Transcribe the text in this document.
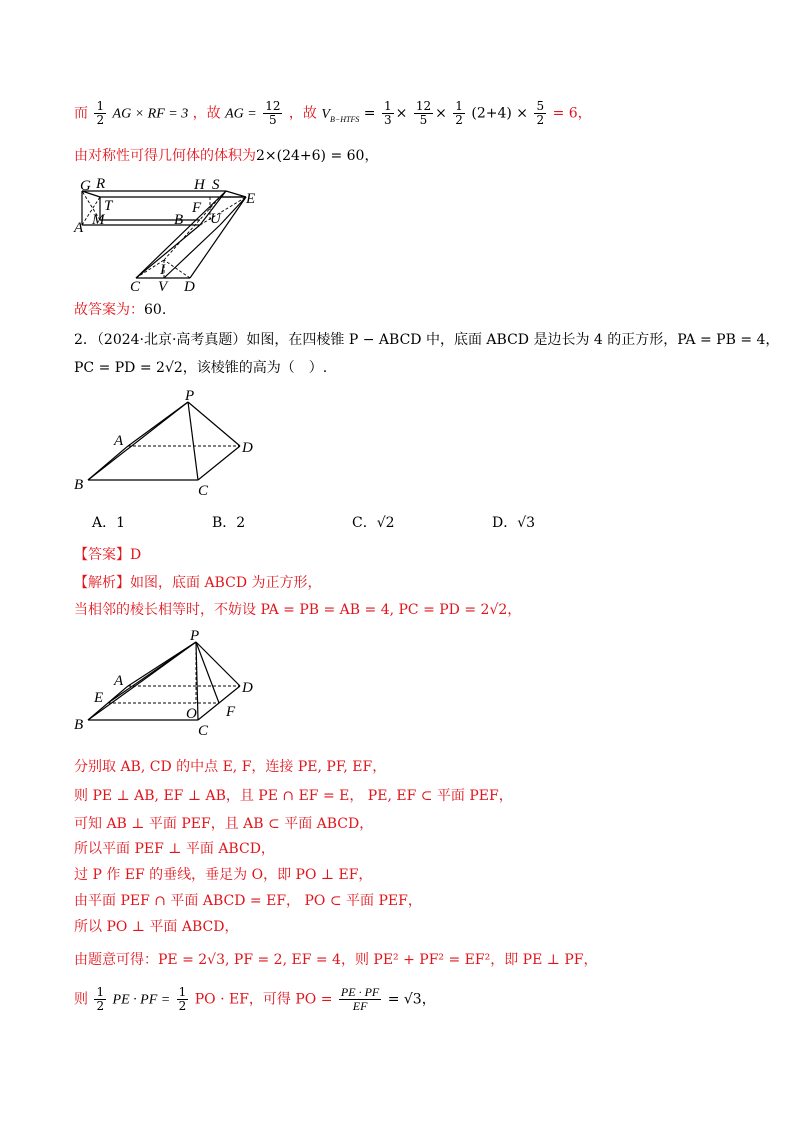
而 $\frac{1}{2}$ AG × RF = 3 ，故 AG = $\frac{12}{5}$ ，故 $V_{B-HTFS} = \frac{1}{3} \times \frac{12}{5} \times \frac{1}{2} (2+4) \times \frac{5}{2} = 6$，
由对称性可得几何体的体积为2×(24+6) = 60，
G R	H S
E
T
A M	B
F
U
I
C V D
故答案为：60.
2．（2024·北京·高考真题）如图，在四棱锥 P − ABCD 中，底面 ABCD 是边长为 4 的正方形，PA = PB = 4，
PC = PD = 2√2，该棱锥的高为（　）.
P
A
B	C
D
A．1	B．2	C．√2	D．√3
【答案】D
【解析】如图，底面 ABCD 为正方形，
当相邻的棱长相等时，不妨设 PA = PB = AB = 4, PC = PD = 2√2，
P
A
E
B
O F
C
D
分别取 AB, CD 的中点 E, F，连接 PE, PF, EF，
则 PE ⊥ AB, EF ⊥ AB，且 PE ∩ EF = E， PE, EF ⊂ 平面 PEF，
可知 AB ⊥ 平面 PEF，且 AB ⊂ 平面 ABCD，
所以平面 PEF ⊥ 平面 ABCD，
过 P 作 EF 的垂线，垂足为 O，即 PO ⊥ EF，
由平面 PEF ∩ 平面 ABCD = EF， PO ⊂ 平面 PEF，
所以 PO ⊥ 平面 ABCD，
由题意可得：PE = 2√3, PF = 2, EF = 4，则 PE² + PF² = EF²，即 PE ⊥ PF，
则 $\frac{1}{2}$ PE · PF = $\frac{1}{2}$ PO · EF，可得 PO = $\frac{PE \cdot PF}{EF} = √3$，
